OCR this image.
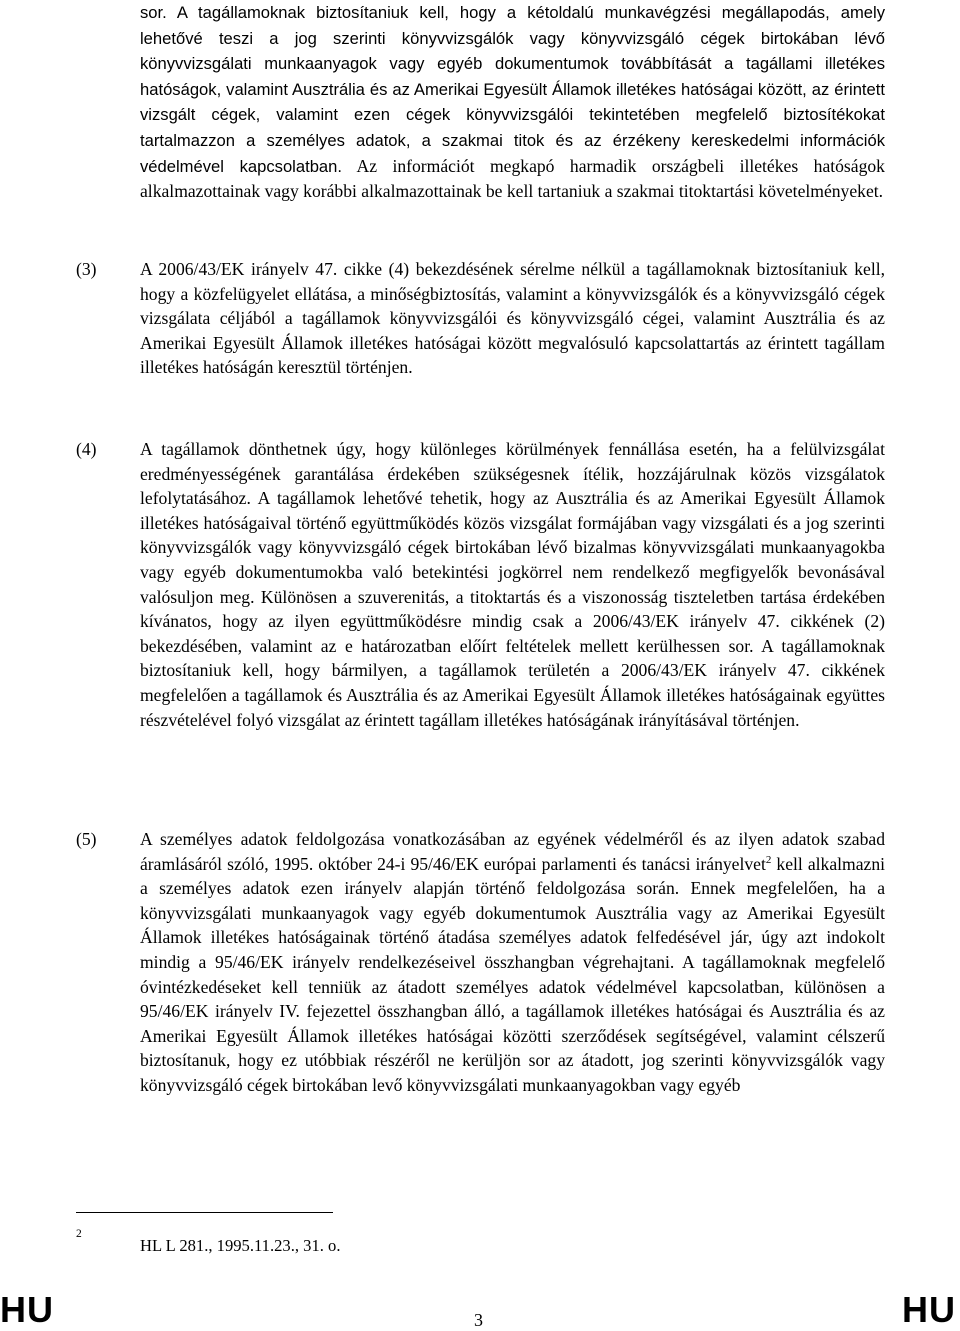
sor. A tagállamoknak biztosítaniuk kell, hogy a kétoldalú munkavégzési megállapodás, amely lehetővé teszi a jog szerinti könyvvizsgálók vagy könyvvizsgáló cégek birtokában lévő könyvvizsgálati munkaanyagok vagy egyéb dokumentumok továbbítását a tagállami illetékes hatóságok, valamint Ausztrália és az Amerikai Egyesült Államok illetékes hatóságai között, az érintett vizsgált cégek, valamint ezen cégek könyvvizsgálói tekintetében megfelelő biztosítékokat tartalmazzon a személyes adatok, a szakmai titok és az érzékeny kereskedelmi információk védelmével kapcsolatban. Az információt megkapó harmadik országbeli illetékes hatóságok alkalmazottainak vagy korábbi alkalmazottainak be kell tartaniuk a szakmai titoktartási követelményeket.

(3) A 2006/43/EK irányelv 47. cikke (4) bekezdésének sérelme nélkül a tagállamoknak biztosítaniuk kell, hogy a közfelügyelet ellátása, a minőségbiztosítás, valamint a könyvvizsgálók és a könyvvizsgáló cégek vizsgálata céljából a tagállamok könyvvizsgálói és könyvvizsgáló cégei, valamint Ausztrália és az Amerikai Egyesült Államok illetékes hatóságai között megvalósuló kapcsolattartás az érintett tagállam illetékes hatóságán keresztül történjen.

(4) A tagállamok dönthetnek úgy, hogy különleges körülmények fennállása esetén, ha a felülvizsgálat eredményességének garantálása érdekében szükségesnek ítélik, hozzájárulnak közös vizsgálatok lefolytatásához. A tagállamok lehetővé tehetik, hogy az Ausztrália és az Amerikai Egyesült Államok illetékes hatóságaival történő együttműködés közös vizsgálat formájában vagy vizsgálati és a jog szerinti könyvvizsgálók vagy könyvvizsgáló cégek birtokában lévő bizalmas könyvvizsgálati munkaanyagokba vagy egyéb dokumentumokba való betekintési jogkörrel nem rendelkező megfigyelők bevonásával valósuljon meg. Különösen a szuverenitás, a titoktartás és a viszonosság tiszteletben tartása érdekében kívánatos, hogy az ilyen együttműködésre mindig csak a 2006/43/EK irányelv 47. cikkének (2) bekezdésében, valamint az e határozatban előírt feltételek mellett kerülhessen sor. A tagállamoknak biztosítaniuk kell, hogy bármilyen, a tagállamok területén a 2006/43/EK irányelv 47. cikkének megfelelően a tagállamok és Ausztrália és az Amerikai Egyesült Államok illetékes hatóságainak együttes részvételével folyó vizsgálat az érintett tagállam illetékes hatóságának irányításával történjen.

(5) A személyes adatok feldolgozása vonatkozásában az egyének védelméről és az ilyen adatok szabad áramlásáról szóló, 1995. október 24-i 95/46/EK európai parlamenti és tanácsi irányelvet$^2$ kell alkalmazni a személyes adatok ezen irányelv alapján történő feldolgozása során. Ennek megfelelően, ha a könyvvizsgálati munkaanyagok vagy egyéb dokumentumok Ausztrália vagy az Amerikai Egyesült Államok illetékes hatóságainak történő átadása személyes adatok felfedésével jár, úgy azt indokolt mindig a 95/46/EK irányelv rendelkezéseivel összhangban végrehajtani. A tagállamoknak megfelelő óvintézkedéseket kell tenniük az átadott személyes adatok védelmével kapcsolatban, különösen a 95/46/EK irányelv IV. fejezettel összhangban álló, a tagállamok illetékes hatóságai és Ausztrália és az Amerikai Egyesült Államok illetékes hatóságai közötti szerződések segítségével, valamint célszerű biztosítanuk, hogy ez utóbbiak részéről ne kerüljön sor az átadott, jog szerinti könyvvizsgálók vagy könyvvizsgáló cégek birtokában levő könyvvizsgálati munkaanyagokban vagy egyéb

2
HL L 281., 1995.11.23., 31. o.
HU	3	HU
